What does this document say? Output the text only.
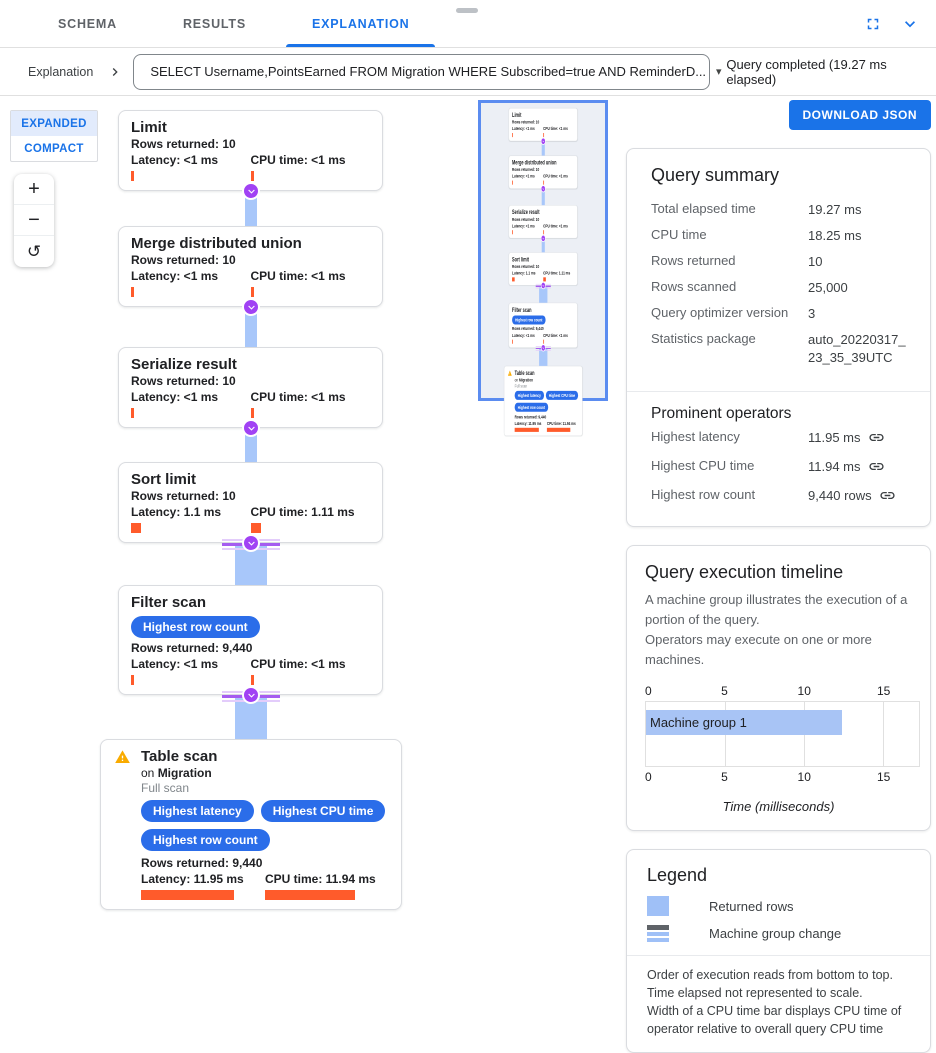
SCHEMA	RESULTS	EXPLANATION
Explanation	SELECT Username,PointsEarned FROM Migration WHERE Subscribed=true AND ReminderD... ▾
Query completed (19.27 ms elapsed)
EXPANDED
COMPACT
+
−
↺
Limit
Rows returned: 10
Latency: <1 ms	CPU time: <1 ms
Merge distributed union
Rows returned: 10
Latency: <1 ms	CPU time: <1 ms
Serialize result
Rows returned: 10
Latency: <1 ms	CPU time: <1 ms
Sort limit
Rows returned: 10
Latency: 1.1 ms	CPU time: 1.11 ms
Filter scan
Highest row count
Rows returned: 9,440
Latency: <1 ms	CPU time: <1 ms
Table scan
on Migration
Full scan
Highest latency	Highest CPU time
Highest row count
Rows returned: 9,440
Latency: 11.95 ms	CPU time: 11.94 ms
Limit
Rows returned: 10
Latency: <1 ms CPU time: <1 ms
Merge distributed union
Rows returned: 10
Latency: <1 ms CPU time: <1 ms
Serialize result
Rows returned: 10
Latency: <1 ms CPU time: <1 ms
Sort limit
Rows returned: 10
Latency: 1.1 ms CPU time: 1.11 ms
Filter scan
Highest row count
Rows returned: 9,440
Latency: <1 ms CPU time: <1 ms
Table scan
on Migration
Full scan
Highest latency Highest CPU time
Highest row count
Rows returned: 9,440
Latency: 11.95 ms CPU time: 11.94 ms
DOWNLOAD JSON
Query summary
Total elapsed time	19.27 ms
CPU time	18.25 ms
Rows returned	10
Rows scanned	25,000
Query optimizer version	3
Statistics package	auto_20220317_23_35_39UTC
Prominent operators
Highest latency	11.95 ms
Highest CPU time	11.94 ms
Highest row count	9,440 rows
Query execution timeline
A machine group illustrates the execution of a portion of the query.
Operators may execute on one or more machines.
0	5	10	15
Machine group 1
0	5	10	15
Time (milliseconds)
Legend
Returned rows
Machine group change
Order of execution reads from bottom to top.
Time elapsed not represented to scale.
Width of a CPU time bar displays CPU time of operator relative to overall query CPU time
